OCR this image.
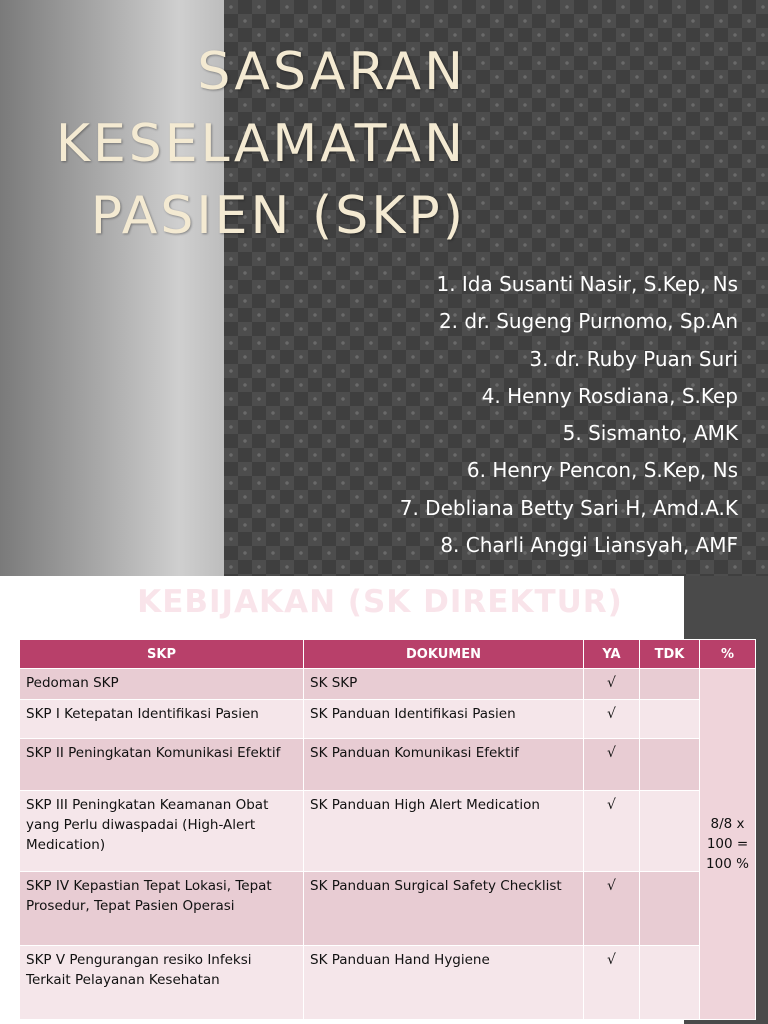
SASARAN
KESELAMATAN
PASIEN (SKP)
1. Ida Susanti Nasir, S.Kep, Ns
2. dr. Sugeng Purnomo, Sp.An
3. dr. Ruby Puan Suri
4. Henny Rosdiana, S.Kep
5. Sismanto, AMK
6. Henry Pencon, S.Kep, Ns
7. Debliana Betty Sari H, Amd.A.K
8. Charli Anggi Liansyah, AMF
KEBIJAKAN (SK DIREKTUR)
SKP	DOKUMEN	YA	TDK	%
Pedoman SKP	SK SKP	√		8/8 x 100 = 100 %
SKP I Ketepatan Identifikasi Pasien	SK Panduan Identifikasi Pasien	√		
SKP II Peningkatan Komunikasi Efektif	SK Panduan Komunikasi Efektif	√		
SKP III Peningkatan Keamanan Obat yang Perlu diwaspadai (High-Alert Medication)	SK Panduan High Alert Medication	√		
SKP IV Kepastian Tepat Lokasi, Tepat Prosedur, Tepat Pasien Operasi	SK Panduan Surgical Safety Checklist	√		
SKP V Pengurangan resiko Infeksi Terkait Pelayanan Kesehatan	SK Panduan Hand Hygiene	√		
